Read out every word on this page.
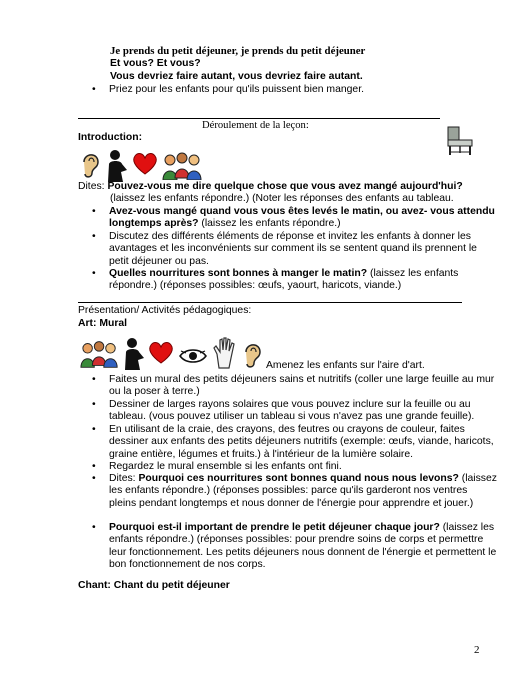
Je prends du petit déjeuner, je prends du petit déjeuner
Et vous? Et vous?
Vous devriez faire autant, vous devriez faire autant.
• Priez pour les enfants pour qu'ils puissent bien manger.
Déroulement de la leçon:
Introduction:
Dites: Pouvez-vous me dire quelque chose que vous avez mangé aujourd'hui?
(laissez les enfants répondre.) (Noter les réponses des enfants au tableau.
• Avez-vous mangé quand vous vous êtes levés le matin, ou avez- vous attendu longtemps après? (laissez les enfants répondre.)
• Discutez des différents éléments de réponse et invitez les enfants à donner les avantages et les inconvénients sur comment ils se sentent quand ils prennent le petit déjeuner ou pas.
• Quelles nourritures sont bonnes à manger le matin? (laissez les enfants répondre.) (réponses possibles: œufs, yaourt, haricots, viande.)
Présentation/ Activités pédagogiques:
Art: Mural
Amenez les enfants sur l'aire d'art.
• Faites un mural des petits déjeuners sains et nutritifs (coller une large feuille au mur ou la poser à terre.)
• Dessiner de larges rayons solaires que vous pouvez inclure sur la feuille ou au tableau. (vous pouvez utiliser un tableau si vous n'avez pas une grande feuille).
• En utilisant de la craie, des crayons, des feutres ou crayons de couleur, faites dessiner aux enfants des petits déjeuners nutritifs (exemple: œufs, viande, haricots, graine entière, légumes et fruits.) à l'intérieur de la lumière solaire.
• Regardez le mural ensemble si les enfants ont fini.
• Dites: Pourquoi ces nourritures sont bonnes quand nous nous levons? (laissez les enfants répondre.) (réponses possibles: parce qu'ils garderont nos ventres pleins pendant longtemps et nous donner de l'énergie pour apprendre et jouer.)
• Pourquoi est-il important de prendre le petit déjeuner chaque jour? (laissez les enfants répondre.) (réponses possibles: pour prendre soins de corps et permettre leur fonctionnement. Les petits déjeuners nous donnent de l'énergie et permettent le bon fonctionnement de nos corps.
Chant: Chant du petit déjeuner
2
